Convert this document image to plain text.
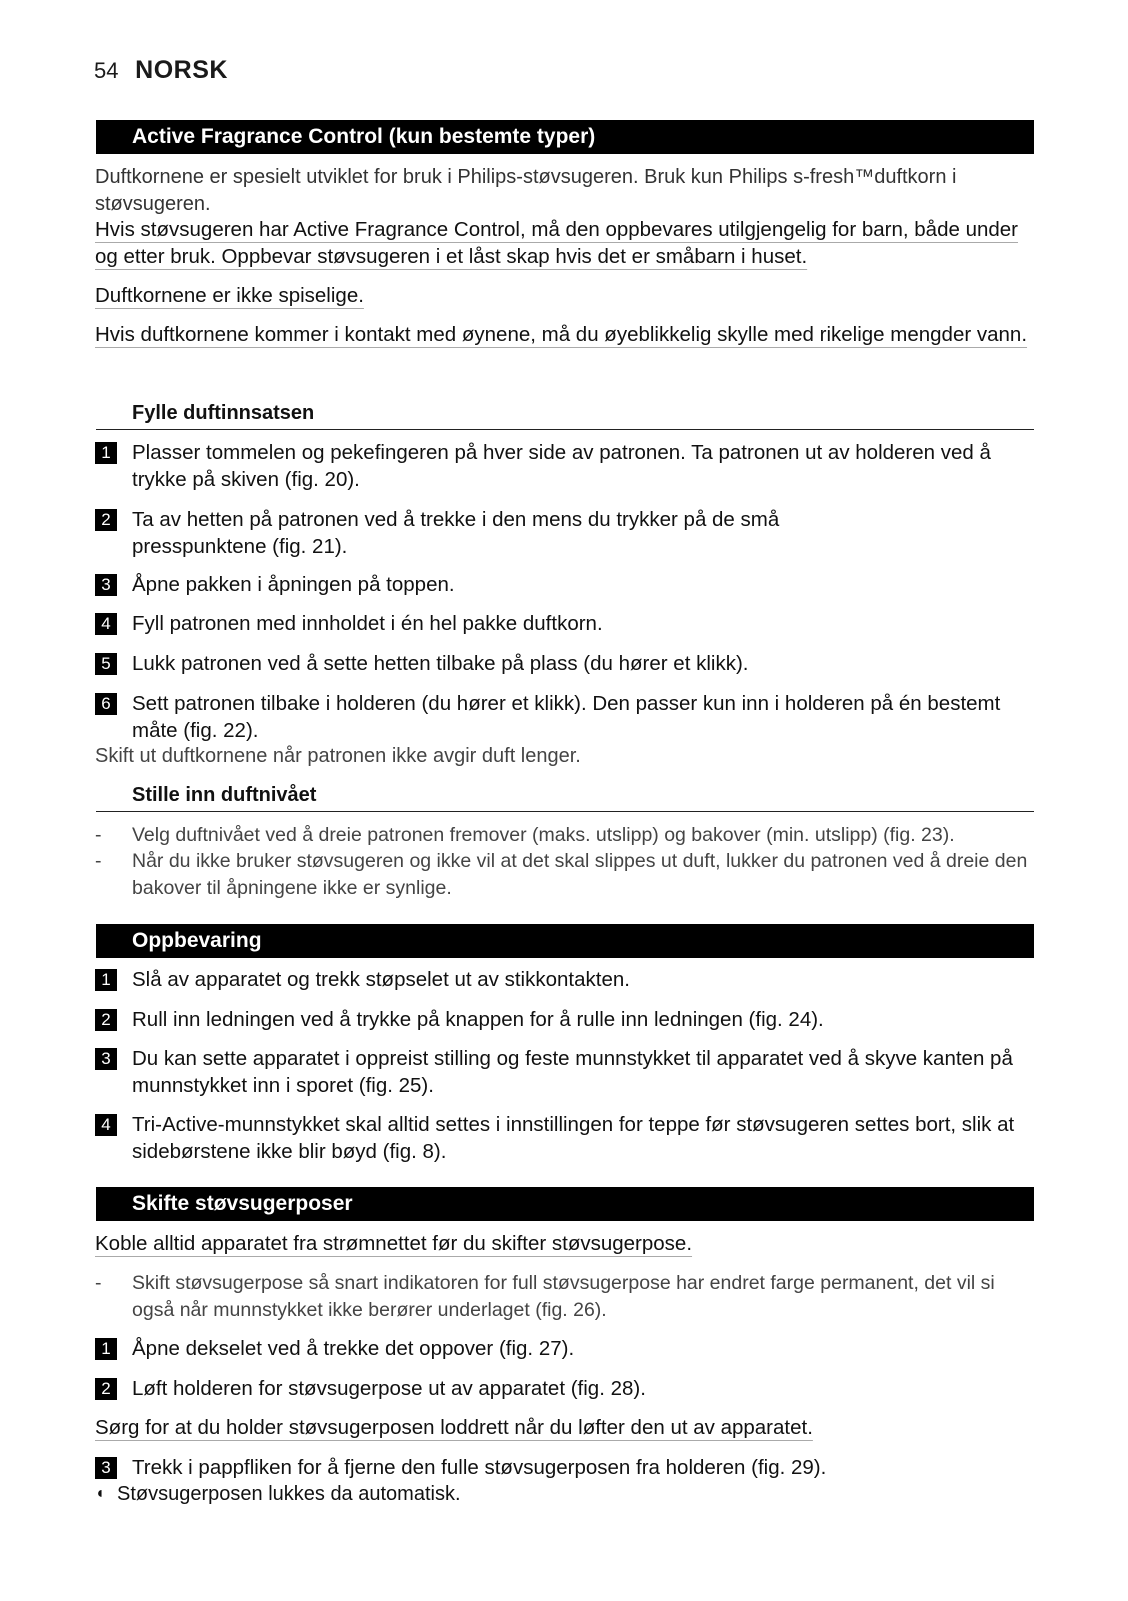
54 NORSK
Active Fragrance Control (kun bestemte typer)
Duftkornene er spesielt utviklet for bruk i Philips-støvsugeren. Bruk kun Philips s-fresh™duftkorn i støvsugeren.
Hvis støvsugeren har Active Fragrance Control, må den oppbevares utilgjengelig for barn, både under og etter bruk. Oppbevar støvsugeren i et låst skap hvis det er småbarn i huset.
Duftkornene er ikke spiselige.
Hvis duftkornene kommer i kontakt med øynene, må du øyeblikkelig skylle med rikelige mengder vann.
Fylle duftinnsatsen
1	Plasser tommelen og pekefingeren på hver side av patronen. Ta patronen ut av holderen ved å trykke på skiven (fig. 20).
2	Ta av hetten på patronen ved å trekke i den mens du trykker på de små presspunktene (fig. 21).
3	Åpne pakken i åpningen på toppen.
4	Fyll patronen med innholdet i én hel pakke duftkorn.
5	Lukk patronen ved å sette hetten tilbake på plass (du hører et klikk).
6	Sett patronen tilbake i holderen (du hører et klikk). Den passer kun inn i holderen på én bestemt måte (fig. 22).
Skift ut duftkornene når patronen ikke avgir duft lenger.
Stille inn duftnivået
-	Velg duftnivået ved å dreie patronen fremover (maks. utslipp) og bakover (min. utslipp) (fig. 23).
-	Når du ikke bruker støvsugeren og ikke vil at det skal slippes ut duft, lukker du patronen ved å dreie den bakover til åpningene ikke er synlige.
Oppbevaring
1	Slå av apparatet og trekk støpselet ut av stikkontakten.
2	Rull inn ledningen ved å trykke på knappen for å rulle inn ledningen (fig. 24).
3	Du kan sette apparatet i oppreist stilling og feste munnstykket til apparatet ved å skyve kanten på munnstykket inn i sporet (fig. 25).
4	Tri-Active-munnstykket skal alltid settes i innstillingen for teppe før støvsugeren settes bort, slik at sidebørstene ikke blir bøyd (fig. 8).
Skifte støvsugerposer
Koble alltid apparatet fra strømnettet før du skifter støvsugerpose.
-	Skift støvsugerpose så snart indikatoren for full støvsugerpose har endret farge permanent, det vil si også når munnstykket ikke berører underlaget (fig. 26).
1	Åpne dekselet ved å trekke det oppover (fig. 27).
2	Løft holderen for støvsugerpose ut av apparatet (fig. 28).
Sørg for at du holder støvsugerposen loddrett når du løfter den ut av apparatet.
3	Trekk i pappfliken for å fjerne den fulle støvsugerposen fra holderen (fig. 29).
◖ Støvsugerposen lukkes da automatisk.
